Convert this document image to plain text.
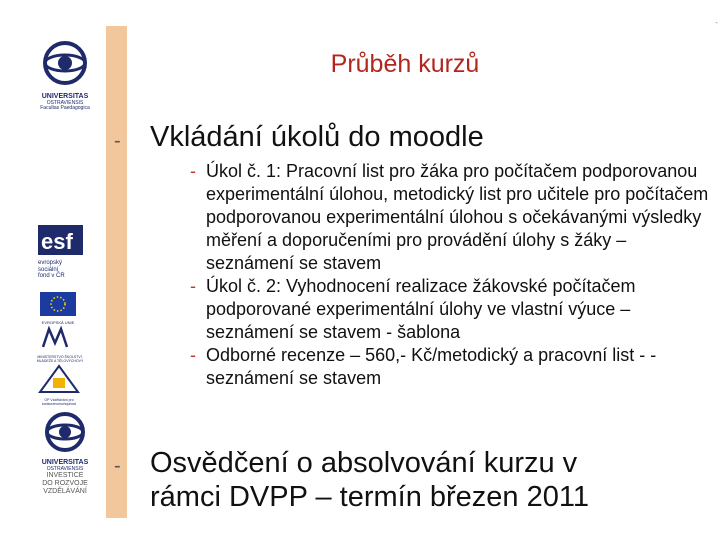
UNIVERSITAS
OSTRAVIENSIS
Facultas Paedagogica
esf
evropský
sociální
fond v ČR
EVROPSKÁ UNIE
MINISTERSTVO ŠKOLSTVÍ, MLÁDEŽE A TĚLOVÝCHOVY
OP Vzdělávání pro konkurenceschopnost
UNIVERSITAS
OSTRAVIENSIS
INVESTICE
DO ROZVOJE
VZDĚLÁVÁNÍ
-
Průběh kurzů
- Vkládání úkolů do moodle
- Úkol č. 1: Pracovní list pro žáka pro počítačem podporovanou experimentální úlohou, metodický list pro učitele pro počítačem podporovanou experimentální úlohou s očekávanými výsledky měření a doporučeními pro provádění úlohy s žáky – seznámení se stavem
- Úkol č. 2: Vyhodnocení realizace žákovské počítačem podporované experimentální úlohy ve vlastní výuce – seznámení se stavem - šablona
- Odborné recenze – 560,- Kč/metodický a pracovní list - - seznámení se stavem
- Osvědčení o absolvování kurzu v rámci DVPP – termín březen 2011
